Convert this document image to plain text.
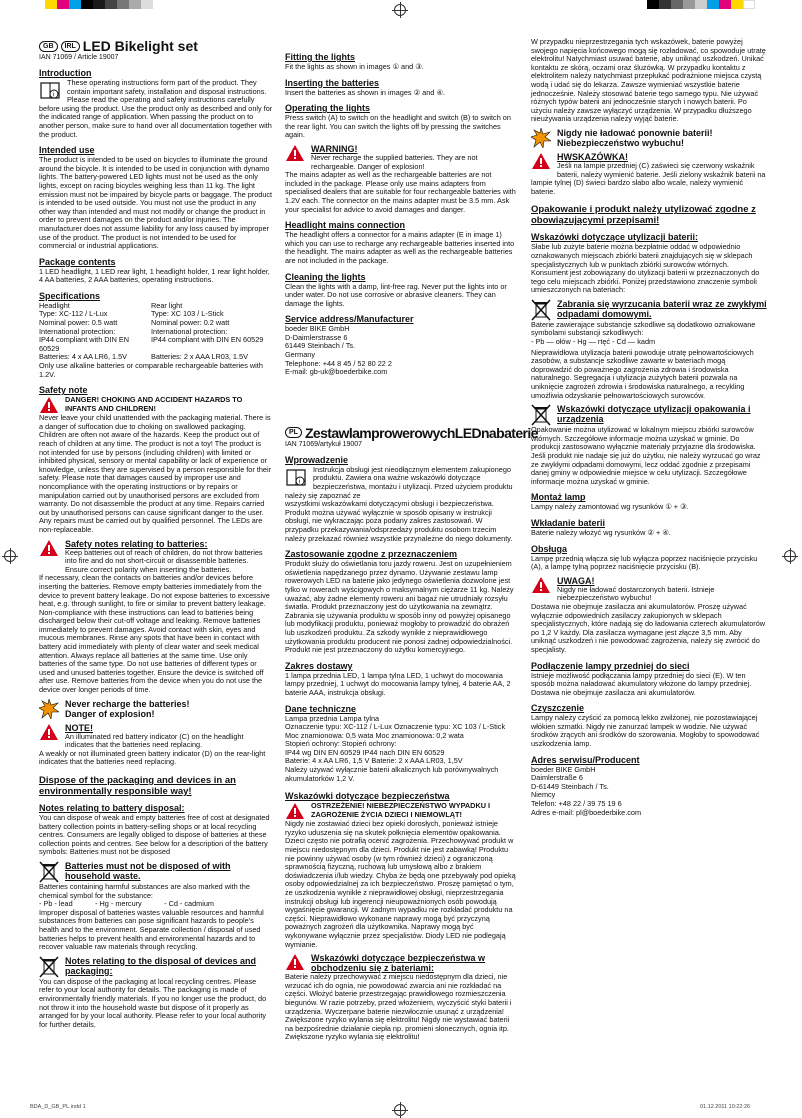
GB	IRL LED Bikelight set
IAN 71069 / Article 19007
Introduction
i

These operating instructions form part of the product. They contain important safety, installation and disposal instructions. Please read the operating and safety instructions carefully before using the product. Use the product only as described and only for the indicated range of application. When passing the product on to another person, make sure to hand over all documentation together with the product.

Intended use

The product is intended to be used on bicycles to illuminate the ground around the bicycle. It is intended to be used in conjunction with dynamo lights. The battery-powered LED lights must not be used as the only lights, except on racing bicycles weighing less than 11 kg. The light emission must not be impaired by bicycle parts or baggage. The product is intended to be used outside. You must not use the product in any other way than intended and must not modify or change the product in order to prevent damages on the product and/or injuries. The manufacturer does not assume liability for any loss caused by improper use of the product. The product is not intended to be used for commercial or industrial applications.

Package contents

1 LED headlight, 1 LED rear light, 1 headlight holder, 1 rear light holder, 4 AA batteries, 2 AAA batteries, operating instructions.

Specifications
Headlight	Rear light
Type: XC-112 / L-Lux	Type: XC 103 / L-Stick
Nominal power: 0.5 watt	Nominal power: 0.2 watt
International protection:	International protection:
IP44 compliant with DIN EN 60529
IP44 compliant with DIN EN 60529
Batteries: 4 x AA LR6, 1.5V	Batteries: 2 x AAA LR03, 1.5V

Only use alkaline batteries or comparable rechargeable batteries with 1.2V.

Safety note
DANGER! CHOKING AND ACCIDENT HAZARDS TO INFANTS AND CHILDREN!

Never leave your child unattended with the packaging material. There is a danger of suffocation due to choking on swallowed packaging. Children are often not aware of the hazards. Keep the product out of reach of children at any time. The product is not a toy! The product is not intended for use by persons (including children) with limited or inhibited physical, sensory or mental capability or lack of experience or knowledge, unless they are supervised by a person responsible for their safety. Please note that damages caused by improper use and noncompliance with the operating instructions or by repairs or manipulation carried out by unauthorised persons are excluded from warranty. Do not disassemble the product at any time. Repairs carried out by unauthorised persons can cause significant danger to the user. Any repairs must be carried out by qualified personnel. The LEDs are non-replaceable.

Safety notes relating to batteries:

Keep batteries out of reach of children, do not throw batteries into fire and do not short-circuit or disassemble batteries. Ensure correct polarity when inserting the batteries.

If necessary, clean the contacts on batteries and/or devices before inserting the batteries. Remove empty batteries immediately from the device to prevent battery leakage. Do not expose batteries to excessive heat, e.g. through sunlight, to fire or similar to prevent battery leakage. Non-compliance with these instructions can lead to batteries being discharged below their cut-off voltage and leaking. Remove batteries immediately to prevent damages. Avoid contact with skin, eyes and mucous membranes. Rinse any spots that have been in contact with battery acid immediately with plenty of clear water and seek medical attention. Always replace all batteries at the same time. Use only batteries of the same type. Do not use batteries of different types or used and unused batteries together. Ensure the device is switched off after use. Remove batteries from the device when you do not use the device over longer periods of time.

Never recharge the batteries!
Danger of explosion!
NOTE!

An illuminated red battery indicator (C) on the headlight indicates that the batteries need replacing.

A weakly or not illuminated green battery indicator (D) on the rear-light indicates that the batteries need replacing.

Dispose of the packaging and devices in an environmentally responsible way!
Notes relating to battery disposal:

You can dispose of weak and empty batteries free of cost at designated battery collection points in battery-selling shops or at local recycling centres. Consumers are legally obliged to dispose of batteries at these collection points and centres. See below for a description of the battery symbols: Batteries must not be disposed

Batteries must not be disposed of with household waste.

Batteries containing harmful substances are also marked with the chemical symbol for the substance:

- Pb - lead	- Hg - mercury	- Cd - cadmium

Improper disposal of batteries wastes valuable resources and harmful substances from batteries can pose significant hazards to people's health and to the environment. Separate collection / disposal of used batteries helps to prevent health and environmental hazards and to recover valuable raw materials through recycling.

Notes relating to the disposal of devices and packaging:

You can dispose of the packaging at local recycling centres. Please refer to your local authority for details. The packaging is made of environmentally friendly materials. If you no longer use the product, do not throw it into the household waste but dispose of it properly as arranged for by your local authority. Please refer to your local authority for further details.

Fitting the lights

Fit the lights as shown in images ① and ③.

Inserting the batteries

Insert the batteries as shown in images ② and ④.

Operating the lights

Press switch (A) to switch on the headlight and switch (B) to switch on the rear light. You can switch the lights off by pressing the switches again.

WARNING!

Never recharge the supplied batteries. They are not rechargeable. Danger of explosion!

The mains adapter as well as the rechargeable batteries are not included in the package. Please only use mains adapters from specialised dealers that are suitable for four rechargeable batteries with 1.2V each. The connector on the mains adapter must be 3.5 mm. Ask your specialist for advice to avoid damages and danger.

Headlight mains connection

The headlight offers a connector for a mains adapter (E in image 1) which you can use to recharge any rechargeable batteries inserted into the headlight. The mains adapter as well as the rechargeable batteries are not included in the package.

Cleaning the lights

Clean the lights with a damp, lint-free rag. Never put the lights into or under water. Do not use corrosive or abrasive cleaners. They can damage the lights.

Service address/Manufacturer
boeder BIKE GmbH
D-Daimlerstrasse 6
61449 Steinbach / Ts.
Germany
Telephone: +44 8 45 / 52 80 22 2
E-mail: gb-uk@boederbike.com
PL ZestawlamprowerowychLEDnabaterie
IAN 71069/artykuł 19007
Wprowadzenie
i

Instrukcja obsługi jest nieodłącznym elementem zakupionego produktu. Zawiera ona ważne wskazówki dotyczące bezpieczeństwa, montażu i utylizacji. Przed użyciem produktu należy się zapoznać ze

wszystkimi wskazówkami dotyczącymi obsługi i bezpieczeństwa. Produkt można używać wyłącznie w sposób opisany w instrukcji obsługi, nie wykraczając poza podany zakres zastosowań. W przypadku przekazywania/odsprzedaży produktu osobom trzecim należy przekazać również wszystkie przynależne do niego dokumenty.

Zastosowanie zgodne z przeznaczeniem

Produkt służy do oświetlania toru jazdy roweru. Jest on uzupełnieniem oświetlenia napędzanego przez dynamo. Używanie zestawu lamp rowerowych LED na baterie jako jedynego oświetlenia dozwolone jest tylko w rowerach wyścigowych o maksymalnym ciężarze 11 kg. Należy uważać, aby żadne elementy roweru ani bagaż nie utrudniały rozsyłu światła. Produkt przeznaczony jest do użytkowania na zewnątrz. Zabrania się używania produktu w sposób inny od powyżej opisanego lub modyfikacji produktu, ponieważ mogłoby to prowadzić do obrażeń lub uszkodzeń produktu. Za szkody wynikłe z nieprawidłowego użytkowania produktu producent nie ponosi żadnej odpowiedzialności. Produkt nie jest przeznaczony do użytku komercyjnego.

Zakres dostawy

1 lampa przednia LED, 1 lampa tylna LED, 1 uchwyt do mocowania lampy przedniej, 1 uchwyt do mocowania lampy tylnej, 4 baterie AA, 2 baterie AAA, instrukcja obsługi.

Dane techniczne
Lampa przednia Lampa tylna
Oznaczenie typu: XC-112 / L-Lux Oznaczenie typu: XC 103 / L-Stick
Moc znamionowa: 0,5 wata Moc znamionowa: 0,2 wata
Stopień ochrony: Stopień ochrony:
IP44 wg DIN EN 60529 IP44 nach DIN EN 60529
Baterie: 4 x AA LR6, 1,5 V Baterie: 2 x AAA LR03, 1,5V
Należy używać wyłącznie baterii alkalicznych lub porównywalnych akumulatorków 1,2 V.
Wskazówki dotyczące bezpieczeństwa
OSTRZEŻENIE! NIEBEZPIECZEŃSTWO WYPADKU I ZAGROŻENIE ŻYCIA DZIECI I NIEMOWLĄT!

Nigdy nie zostawiać dzieci bez opieki dorosłych, ponieważ istnieje ryzyko uduszenia się na skutek połknięcia elementów opakowania. Dzieci często nie potrafią ocenić zagrożenia. Przechowywać produkt w miejscu niedostępnym dla dzieci. Produkt nie jest zabawką! Produktu nie powinny używać osoby (w tym również dzieci) z ograniczoną sprawnością fizyczną, ruchową lub umysłową albo z brakiem doświadczenia i/lub wiedzy. Chyba że będą one przebywały pod opieką osoby odpowiedzialnej za ich bezpieczeństwo. Proszę pamiętać o tym, że uszkodzenia wynikłe z nieprawidłowej obsługi, nieprzestrzegania instrukcji obsługi lub ingerencji nieupoważnionych osób powodują wygaśnięcie gwarancji. W żadnym wypadku nie rozkładać produktu na części. Nieprawidłowo wykonane naprawy mogą być przyczyną poważnych zagrożeń dla użytkownika. Naprawy mogą być wykonywane wyłącznie przez specjalistów. Diody LED nie podlegają wymianie.

Wskazówki dotyczące bezpieczeństwa w obchodzeniu się z bateriami:

Baterie należy przechowywać z miejscu niedostępnym dla dzieci, nie wrzucać ich do ognia, nie powodować zwarcia ani nie rozkładać na części. Włożyć baterie przestrzegając prawidłowego rozmieszczenia biegunów. W razie potrzeby, przed włożeniem, wyczyścić styki baterii i urządzenia. Wyczerpane baterie niezwłocznie usunąć z urządzenia! Zwiększone ryzyko wylania się elektrolitu! Nigdy nie wystawiać baterii na bezpośrednie działanie ciepła np. promieni słonecznych, ognia itp. Zwiększone ryzyko wylania się elektrolitu!

W przypadku nieprzestrzegania tych wskazówek, baterie powyżej swojego napięcia końcowego mogą się rozładować, co spowoduje utratę elektrolitu! Natychmiast usuwać baterie, aby uniknąć uszkodzeń. Unikać kontaktu ze skórą, oczami oraz śluzówką. W przypadku kontaktu z elektrolitem należy natychmiast przepłukać podrażnione miejsca czystą wodą i udać się do lekarza. Zawsze wymieniać wszystkie baterie jednocześnie. Należy stosować baterie tego samego typu. Nie używać różnych typów baterii ani jednocześnie starych i nowych baterii. Po użyciu należy zawsze wyłączyć urządzenia. W przypadku dłuższego nieużywania urządzenia należy wyjąć baterie.

Nigdy nie ładować ponownie baterii!
Niebezpieczeństwo wybuchu!
HWSKAZÓWKA!

Jeśli na lampie przedniej (C) zaświeci się czerwony wskaźnik baterii, należy wymienić baterie. Jeśli zielony wskaźnik baterii na

lampie tylnej (D) świeci bardzo słabo albo wcale, należy wymienić baterie.

Opakowanie i produkt należy utylizować zgodne z obowiązującymi przepisami!
Wskazówki dotyczące utylizacji baterii:

Słabe lub zużyte baterie można bezpłatnie oddać w odpowiednio oznakowanych miejscach zbiórki baterii znajdujących się w sklepach specjalistycznych lub w punktach zbiórki surowców wtórnych. Konsument jest zobowiązany do utylizacji baterii w przeznaczonych do tego celu miejscach zbiórki. Poniżej przedstawiono znaczenie symboli umieszczonych na bateriach:

Zabrania się wyrzucania baterii wraz ze zwykłymi odpadami domowymi.

Baterie zawierające substancje szkodliwe są dodatkowo oznakowane symbolami substancji szkodliwych:

- Pb — ołów - Hg — rtęć - Cd — kadm

Nieprawidłowa utylizacja baterii powoduje utratę pełnowartościowych zasobów, a substancje szkodliwe zawarte w bateriach mogą doprowadzić do poważnego zagrożenia zdrowia i środowiska naturalnego. Segregacja i utylizacja zużytych baterii pozwala na uniknięcie zagrożeń zdrowia i środowiska naturalnego, a recykling umożliwia odzyskanie pełnowartościowych surowców.

Wskazówki dotyczące utylizacji opakowania i urządzenia

Opakowanie można utylizować w lokalnym miejscu zbiórki surowców wtórnych. Szczegółowe informacje można uzyskać w gminie. Do produkcji zastosowano wyłącznie materiały przyjazne dla środowiska. Jeśli produkt nie nadaje się już do użytku, nie należy wyrzucać go wraz ze zwykłymi odpadami domowymi, lecz oddać zgodnie z przepisami danej gminy w odpowiednie miejsce w celu utylizacji. Szczegółowe informacje można uzyskać w gminie.

Montaż lamp

Lampy należy zamontować wg rysunków ① + ③.

Wkładanie baterii

Baterie należy włożyć wg rysunków ② + ④.

Obsługa

Lampę przednią włącza się lub wyłącza poprzez naciśnięcie przycisku (A), a lampę tylną poprzez naciśnięcie przycisku (B).

UWAGA!

Nigdy nie ładować dostarczonych baterii. Istnieje niebezpieczeństwo wybuchu!

Dostawa nie obejmuje zasilacza ani akumulatorów. Proszę używać wyłącznie odpowiednich zasilaczy zakupionych w sklepach specjalistycznych, które nadają się do ładowania czterech akumulatorów po 1,2 V każdy. Dla zasilacza wymagane jest złącze 3,5 mm. Aby uniknąć uszkodzeń i nie powodować zagrożenia, należy się zwrócić do specjalisty.

Podłączenie lampy przedniej do sieci

Istnieje możliwość podłączania lampy przedniej do sieci (E). W ten sposób można naładować akumulatory włożone do lampy przedniej. Dostawa nie obejmuje zasilacza ani akumulatorów.

Czyszczenie

Lampy należy czyścić za pomocą lekko zwilżonej, nie pozostawiającej włókien szmatki. Nigdy nie zanurzać lampek w wodzie. Nie używać środków żrących ani środków do szorowania. Mogłoby to spowodować uszkodzenia lamp.

Adres serwisu/Producent
boeder BIKE GmbH
Daimlerstraße 6
D-61449 Steinbach / Ts.
Niemcy
Telefon: +48 22 / 39 75 19 6
Adres e-mail: pl@boederbike.com
BDA_D_GB_PL.indd 1	01.12.2011 10:22:26
